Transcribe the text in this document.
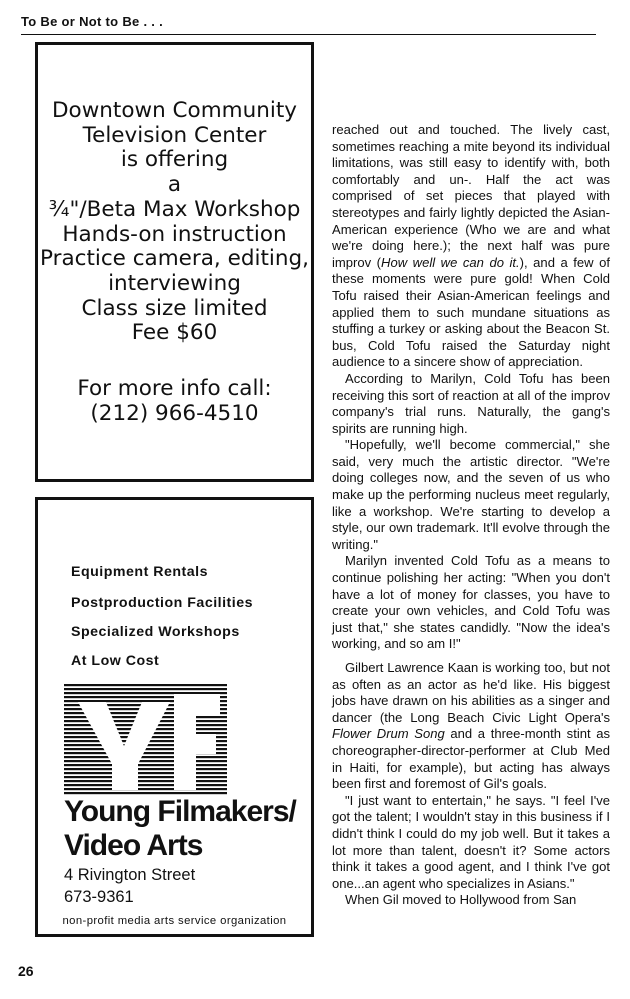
To Be or Not to Be . . .
Downtown Community
Television Center
is offering
a
¾"/Beta Max Workshop
Hands-on instruction
Practice camera, editing,
interviewing
Class size limited
Fee $60
For more info call:
(212) 966-4510
Equipment Rentals
Postproduction Facilities
Specialized Workshops
At Low Cost
Young Filmakers/
Video Arts
4 Rivington Street
673-9361
non-profit media arts service organization

reached out and touched. The lively cast, sometimes reaching a mite beyond its individual limitations, was still easy to identify with, both comfortably and un-. Half the act was comprised of set pieces that played with stereotypes and fairly lightly depicted the Asian-American experience (Who we are and what we're doing here.); the next half was pure improv (How well we can do it.), and a few of these moments were pure gold! When Cold Tofu raised their Asian-American feelings and applied them to such mundane situations as stuffing a turkey or asking about the Beacon St. bus, Cold Tofu raised the Saturday night audience to a sincere show of appreciation.

According to Marilyn, Cold Tofu has been receiving this sort of reaction at all of the improv company's trial runs. Naturally, the gang's spirits are running high.

"Hopefully, we'll become commercial," she said, very much the artistic director. "We're doing colleges now, and the seven of us who make up the performing nucleus meet regularly, like a workshop. We're starting to develop a style, our own trademark. It'll evolve through the writing."

Marilyn invented Cold Tofu as a means to continue polishing her acting: "When you don't have a lot of money for classes, you have to create your own vehicles, and Cold Tofu was just that," she states candidly. "Now the idea's working, and so am I!"

Gilbert Lawrence Kaan is working too, but not as often as an actor as he'd like. His biggest jobs have drawn on his abilities as a singer and dancer (the Long Beach Civic Light Opera's Flower Drum Song and a three-month stint as choreographer-director-performer at Club Med in Haiti, for example), but acting has always been first and foremost of Gil's goals.

"I just want to entertain," he says. "I feel I've got the talent; I wouldn't stay in this business if I didn't think I could do my job well. But it takes a lot more than talent, doesn't it? Some actors think it takes a good agent, and I think I've got one...an agent who specializes in Asians."

When Gil moved to Hollywood from San

26
